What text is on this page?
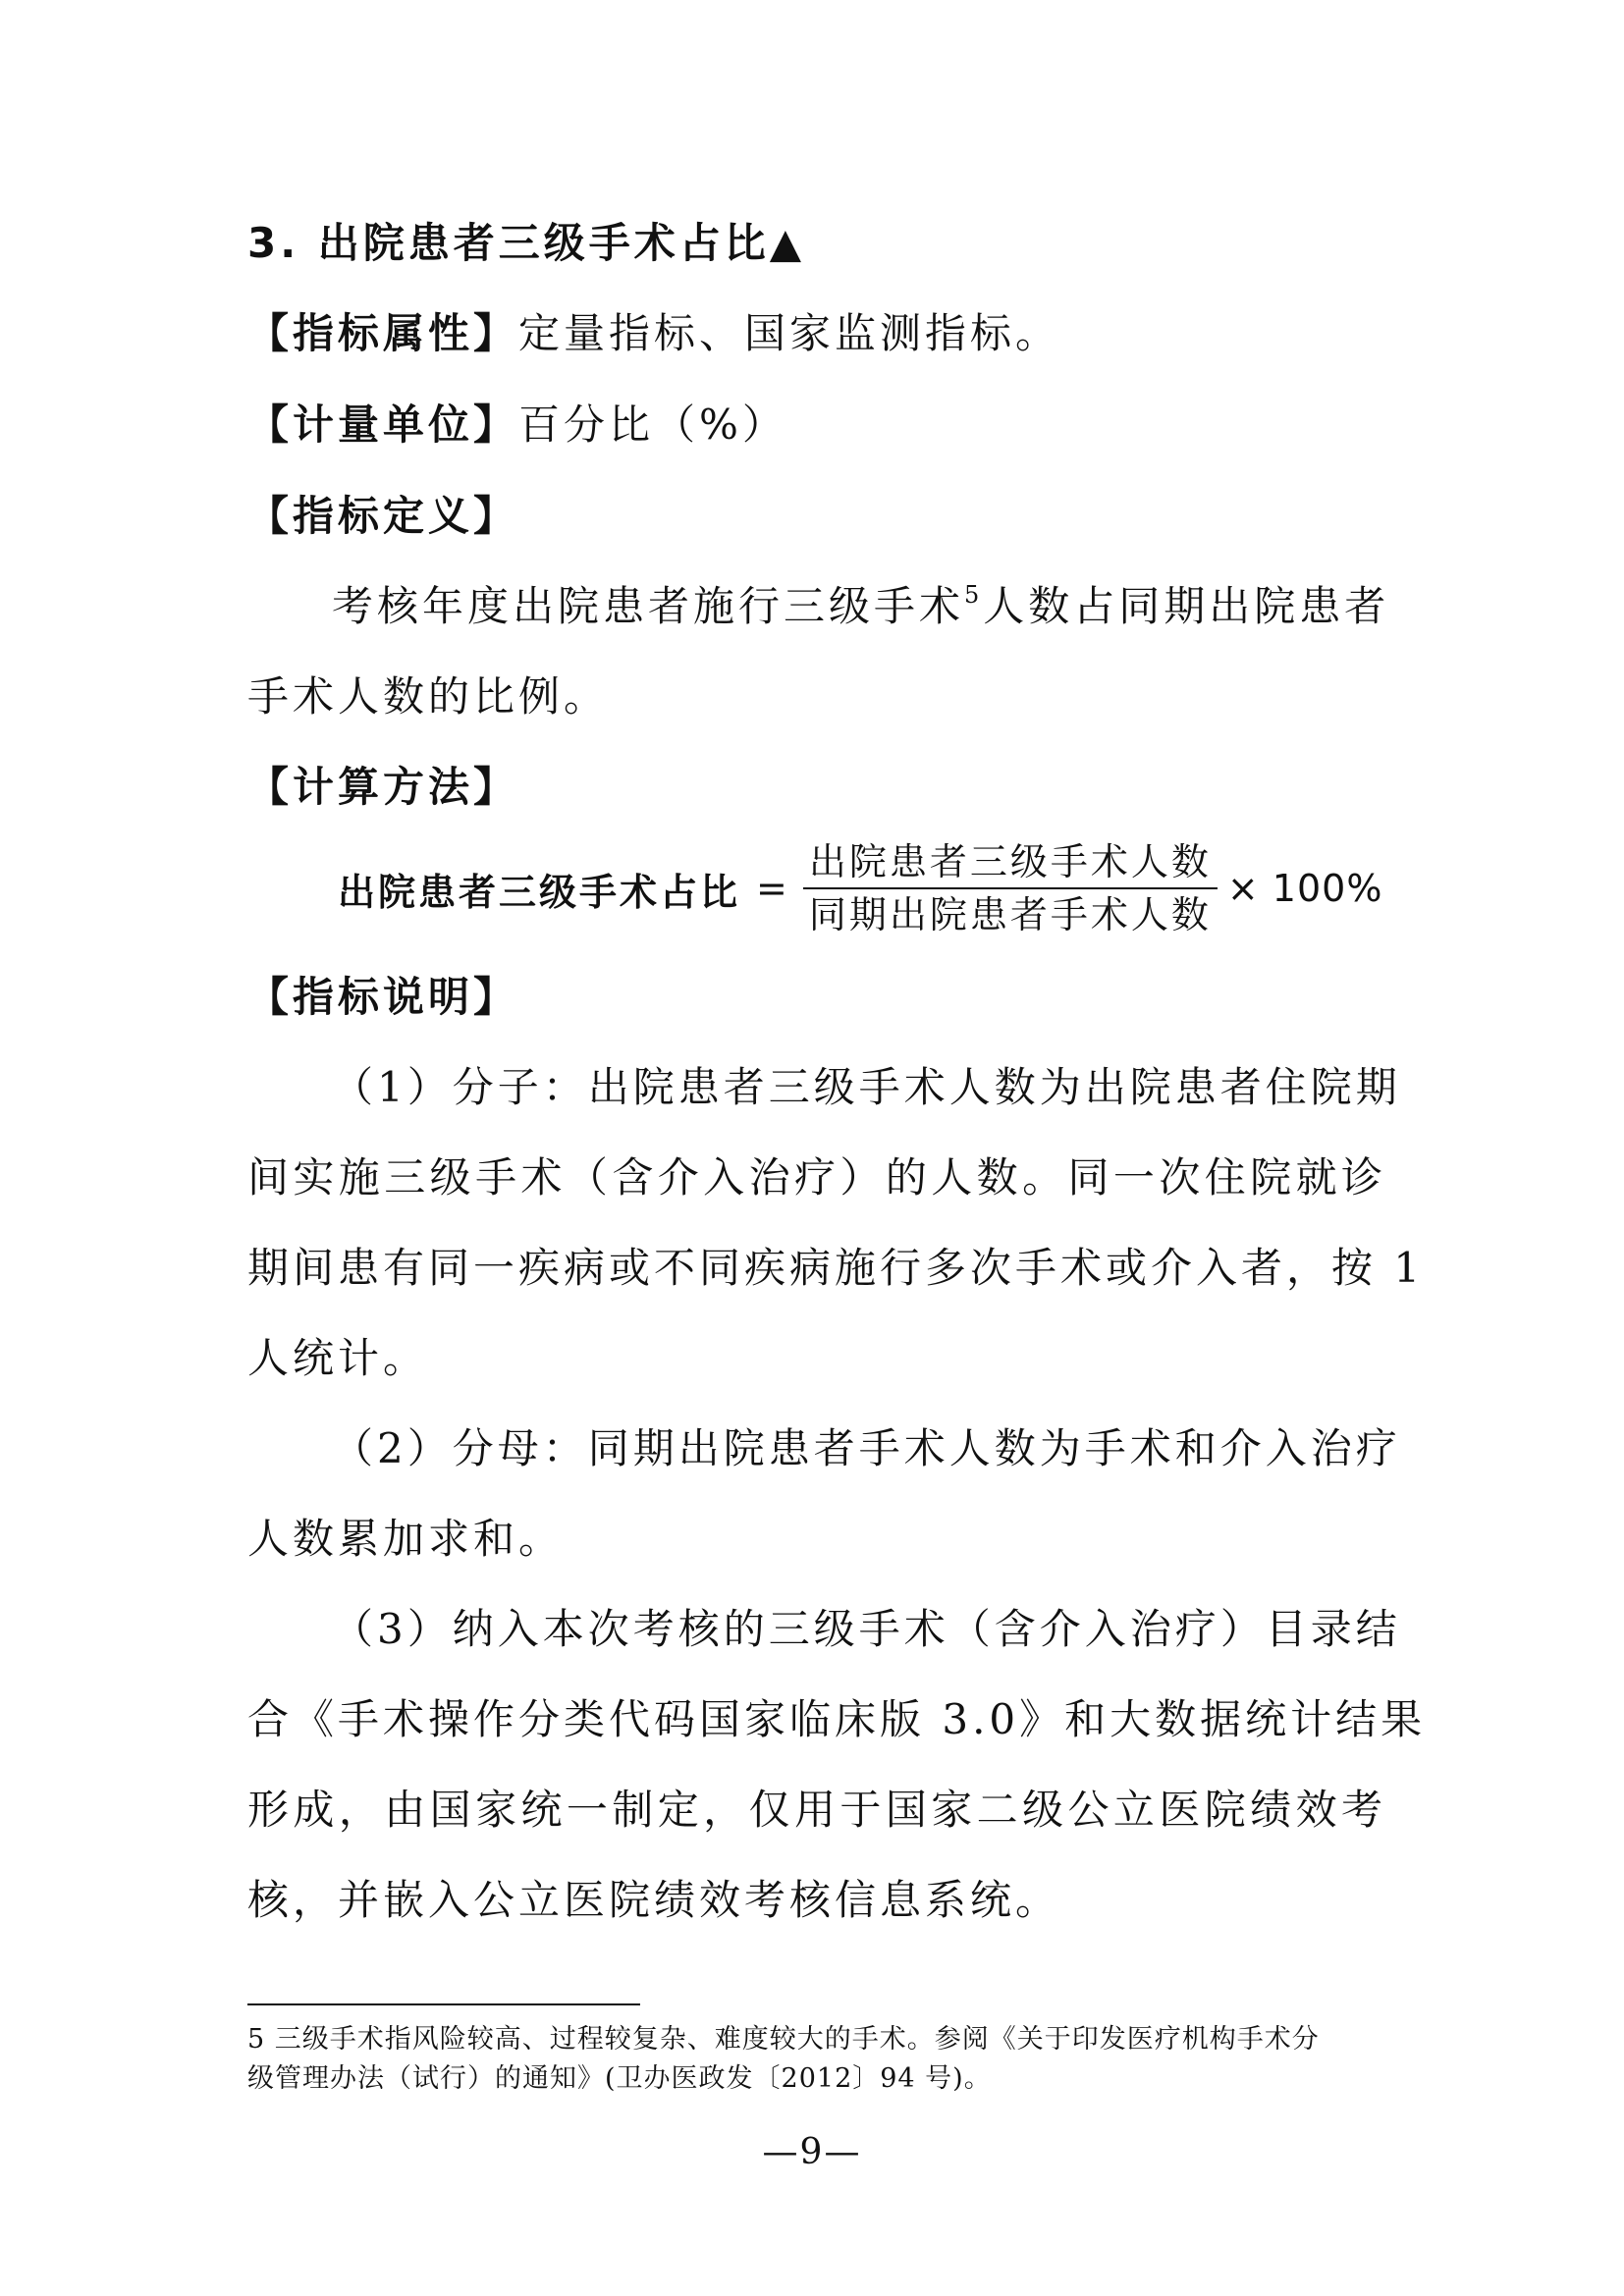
3. 出院患者三级手术占比▲
【指标属性】定量指标、国家监测指标。
【计量单位】百分比（%）
【指标定义】
考核年度出院患者施行三级手术$^5$人数占同期出院患者
手术人数的比例。
【计算方法】
出院患者三级手术占比 = $\frac{\text{出院患者三级手术人数}}{\text{同期出院患者手术人数}} \times 100\%$
【指标说明】
（1）分子：出院患者三级手术人数为出院患者住院期
间实施三级手术（含介入治疗）的人数。同一次住院就诊
期间患有同一疾病或不同疾病施行多次手术或介入者，按 1
人统计。
（2）分母：同期出院患者手术人数为手术和介入治疗
人数累加求和。
（3）纳入本次考核的三级手术（含介入治疗）目录结
合《手术操作分类代码国家临床版 3.0》和大数据统计结果
形成，由国家统一制定，仅用于国家二级公立医院绩效考
核，并嵌入公立医院绩效考核信息系统。
5 三级手术指风险较高、过程较复杂、难度较大的手术。参阅《关于印发医疗机构手术分
级管理办法（试行）的通知》(卫办医政发〔2012〕94 号)。
—9—
